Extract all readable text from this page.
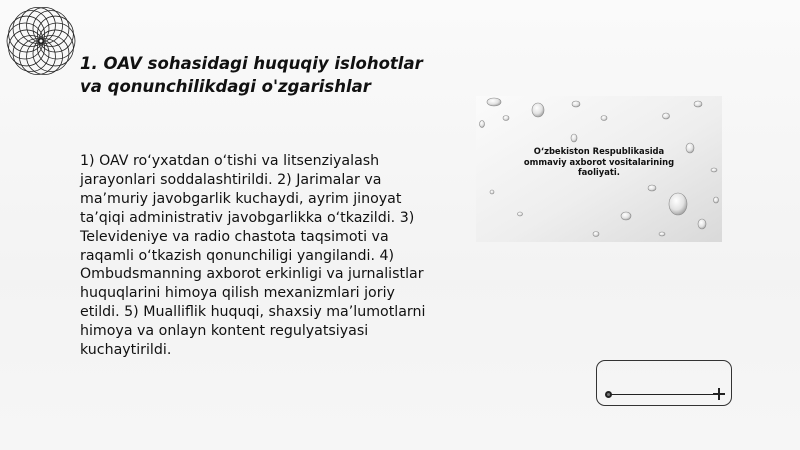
1. OAV sohasidagi huquqiy islohotlar va qonunchilikdagi o'zgarishlar
1) OAV ro‘yxatdan o‘tishi va litsenziyalash jarayonlari soddalashtirildi. 2) Jarimalar va ma’muriy javobgarlik kuchaydi, ayrim jinoyat ta’qiqi administrativ javobgarlikka o‘tkazildi. 3) Televideniye va radio chastota taqsimoti va raqamli o‘tkazish qonunchiligi yangilandi. 4) Ombudsmanning axborot erkinligi va jurnalistlar huquqlarini himoya qilish mexanizmlari joriy etildi. 5) Mualliflik huquqi, shaxsiy ma’lumotlarni himoya va onlayn kontent regulyatsiyasi kuchaytirildi.
O‘zbekiston Respublikasida ommaviy axborot vositalarining faoliyati.
